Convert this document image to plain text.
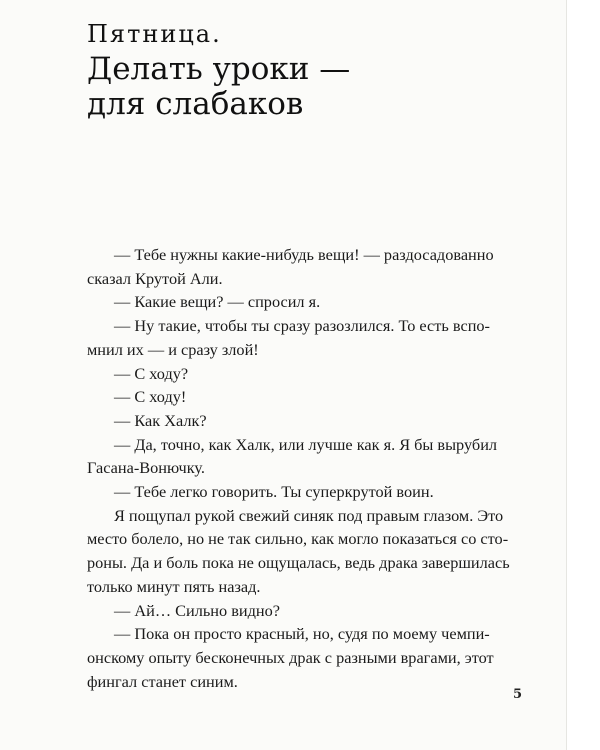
Пятница.
Делать уроки —
для слабаков

— Тебе нужны какие-нибудь вещи! — раздосадованно
сказал Крутой Али.

— Какие вещи? — спросил я.

— Ну такие, чтобы ты сразу разозлился. То есть вспо-
мнил их — и сразу злой!

— С ходу?

— С ходу!

— Как Халк?

— Да, точно, как Халк, или лучше как я. Я бы вырубил
Гасана-Вонючку.

— Тебе легко говорить. Ты суперкрутой воин.

Я пощупал рукой свежий синяк под правым глазом. Это
место болело, но не так сильно, как могло показаться со сто-
роны. Да и боль пока не ощущалась, ведь драка завершилась
только минут пять назад.

— Ай… Сильно видно?

— Пока он просто красный, но, судя по моему чемпи-
онскому опыту бесконечных драк с разными врагами, этот
фингал станет синим.

5
